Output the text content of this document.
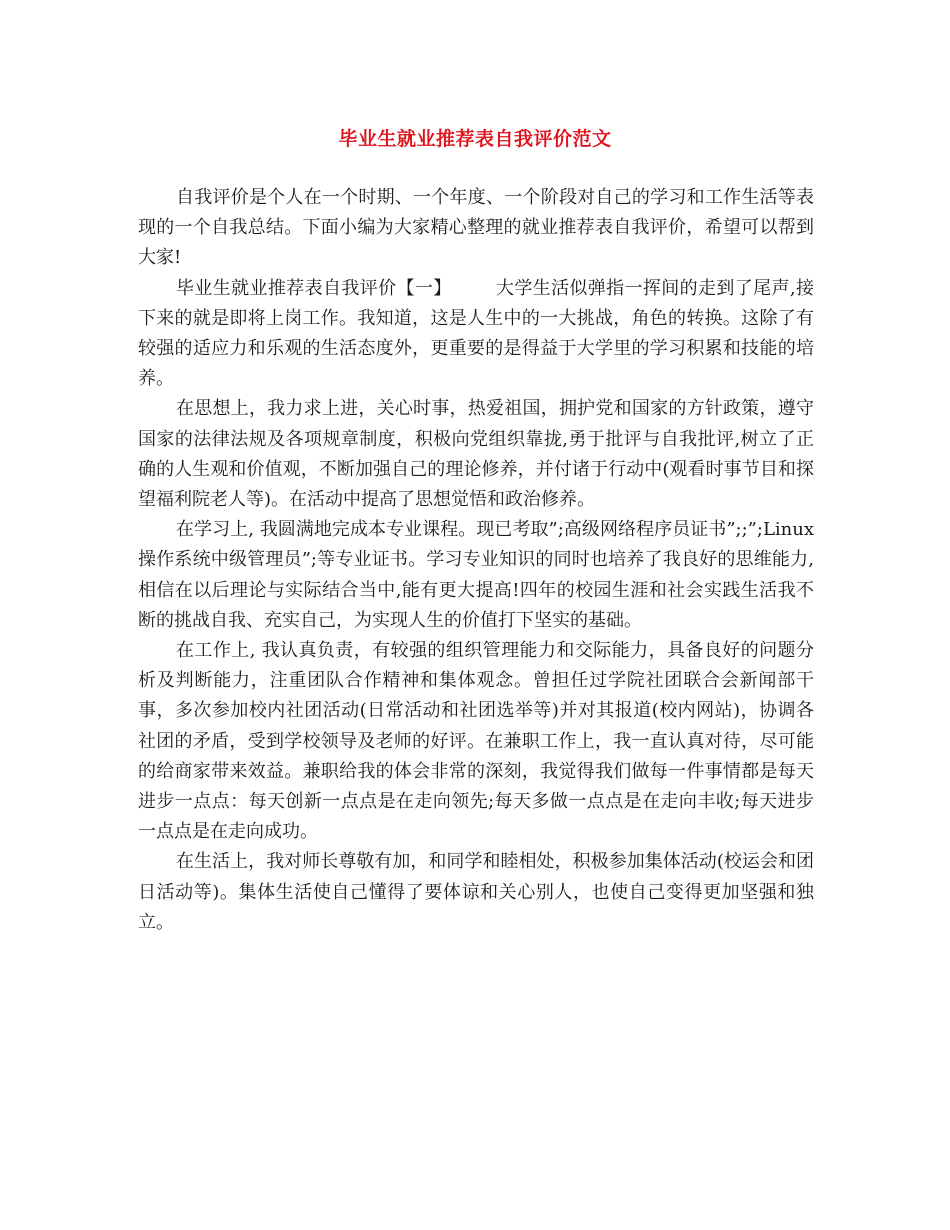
毕业生就业推荐表自我评价范文

自我评价是个人在一个时期、一个年度、一个阶段对自己的学习和工作生活等表现的一个自我总结。下面小编为大家精心整理的就业推荐表自我评价，希望可以帮到大家!

毕业生就业推荐表自我评价【一】 大学生活似弹指一挥间的走到了尾声,接下来的就是即将上岗工作。我知道，这是人生中的一大挑战，角色的转换。这除了有较强的适应力和乐观的生活态度外，更重要的是得益于大学里的学习积累和技能的培养。

在思想上，我力求上进，关心时事，热爱祖国，拥护党和国家的方针政策，遵守国家的法律法规及各项规章制度，积极向党组织靠拢,勇于批评与自我批评,树立了正确的人生观和价值观，不断加强自己的理论修养，并付诸于行动中(观看时事节目和探望福利院老人等)。在活动中提高了思想觉悟和政治修养。

在学习上, 我圆满地完成本专业课程。现已考取”;高级网络程序员证书”;;”;Linux操作系统中级管理员”;等专业证书。学习专业知识的同时也培养了我良好的思维能力,相信在以后理论与实际结合当中,能有更大提高!四年的校园生涯和社会实践生活我不断的挑战自我、充实自己，为实现人生的价值打下坚实的基础。

在工作上, 我认真负责，有较强的组织管理能力和交际能力，具备良好的问题分析及判断能力，注重团队合作精神和集体观念。曾担任过学院社团联合会新闻部干事，多次参加校内社团活动(日常活动和社团选举等)并对其报道(校内网站)，协调各社团的矛盾，受到学校领导及老师的好评。在兼职工作上，我一直认真对待，尽可能的给商家带来效益。兼职给我的体会非常的深刻，我觉得我们做每一件事情都是每天进步一点点：每天创新一点点是在走向领先;每天多做一点点是在走向丰收;每天进步一点点是在走向成功。

在生活上，我对师长尊敬有加，和同学和睦相处，积极参加集体活动(校运会和团日活动等)。集体生活使自己懂得了要体谅和关心别人，也使自己变得更加坚强和独立。
